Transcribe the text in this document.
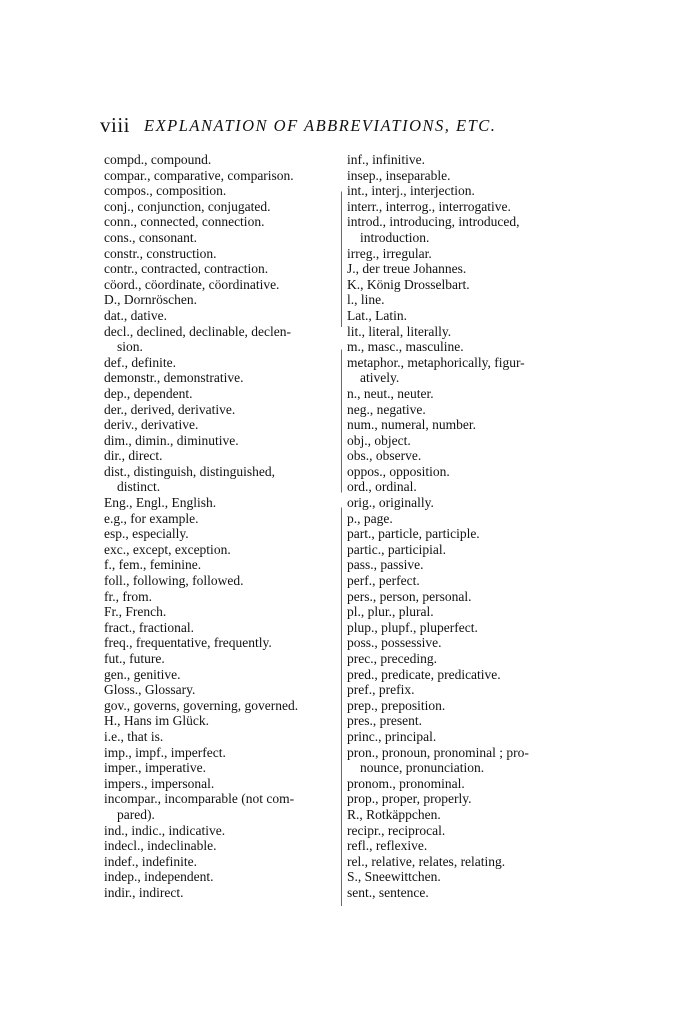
viii EXPLANATION OF ABBREVIATIONS, ETC.
compd., compound.
compar., comparative, comparison.
compos., composition.
conj., conjunction, conjugated.
conn., connected, connection.
cons., consonant.
constr., construction.
contr., contracted, contraction.
cöord., cöordinate, cöordinative.
D., Dornröschen.
dat., dative.
decl., declined, declinable, declen-
sion.
def., definite.
demonstr., demonstrative.
dep., dependent.
der., derived, derivative.
deriv., derivative.
dim., dimin., diminutive.
dir., direct.
dist., distinguish, distinguished,
distinct.
Eng., Engl., English.
e.g., for example.
esp., especially.
exc., except, exception.
f., fem., feminine.
foll., following, followed.
fr., from.
Fr., French.
fract., fractional.
freq., frequentative, frequently.
fut., future.
gen., genitive.
Gloss., Glossary.
gov., governs, governing, governed.
H., Hans im Glück.
i.e., that is.
imp., impf., imperfect.
imper., imperative.
impers., impersonal.
incompar., incomparable (not com-
pared).
ind., indic., indicative.
indecl., indeclinable.
indef., indefinite.
indep., independent.
indir., indirect.
inf., infinitive.
insep., inseparable.
int., interj., interjection.
interr., interrog., interrogative.
introd., introducing, introduced,
introduction.
irreg., irregular.
J., der treue Johannes.
K., König Drosselbart.
l., line.
Lat., Latin.
lit., literal, literally.
m., masc., masculine.
metaphor., metaphorically, figur-
atively.
n., neut., neuter.
neg., negative.
num., numeral, number.
obj., object.
obs., observe.
oppos., opposition.
ord., ordinal.
orig., originally.
p., page.
part., particle, participle.
partic., participial.
pass., passive.
perf., perfect.
pers., person, personal.
pl., plur., plural.
plup., plupf., pluperfect.
poss., possessive.
prec., preceding.
pred., predicate, predicative.
pref., prefix.
prep., preposition.
pres., present.
princ., principal.
pron., pronoun, pronominal ; pro-
nounce, pronunciation.
pronom., pronominal.
prop., proper, properly.
R., Rotkäppchen.
recipr., reciprocal.
refl., reflexive.
rel., relative, relates, relating.
S., Sneewittchen.
sent., sentence.
